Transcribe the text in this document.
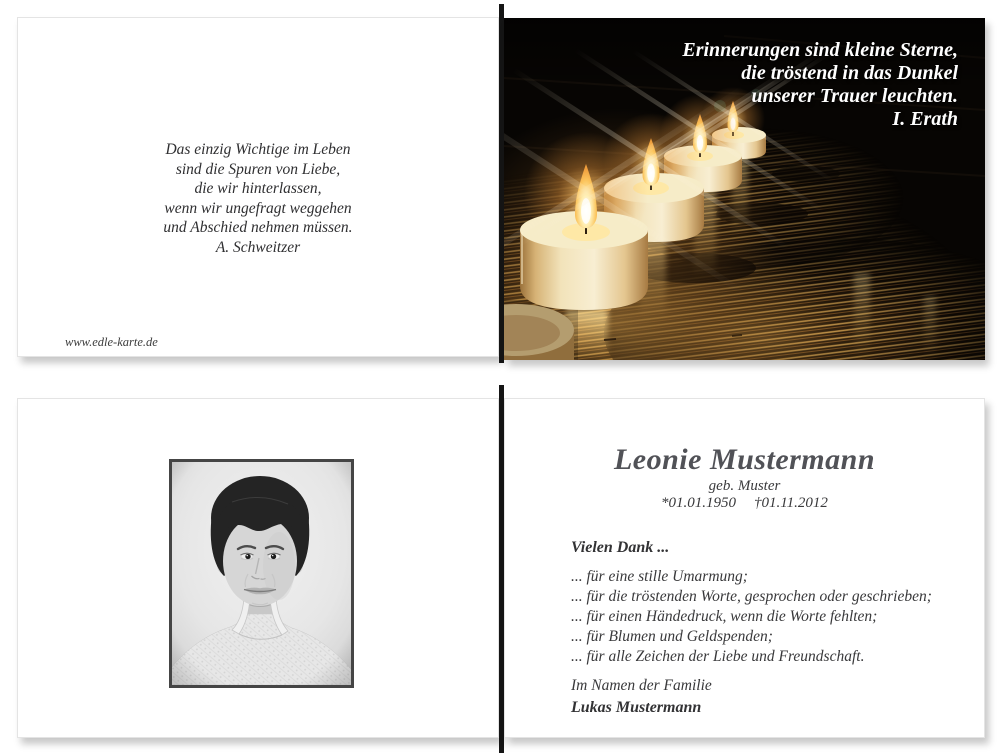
Das einzig Wichtige im Leben
sind die Spuren von Liebe,
die wir hinterlassen,
wenn wir ungefragt weggehen
und Abschied nehmen müssen.
A. Schweitzer
www.edle-karte.de
Erinnerungen sind kleine Sterne,
die tröstend in das Dunkel
unserer Trauer leuchten.
I. Erath
Leonie Mustermann
geb. Muster
*01.01.1950 †01.11.2012
Vielen Dank ...
... für eine stille Umarmung;
... für die tröstenden Worte, gesprochen oder geschrieben;
... für einen Händedruck, wenn die Worte fehlten;
... für Blumen und Geldspenden;
... für alle Zeichen der Liebe und Freundschaft.
Im Namen der Familie
Lukas Mustermann
